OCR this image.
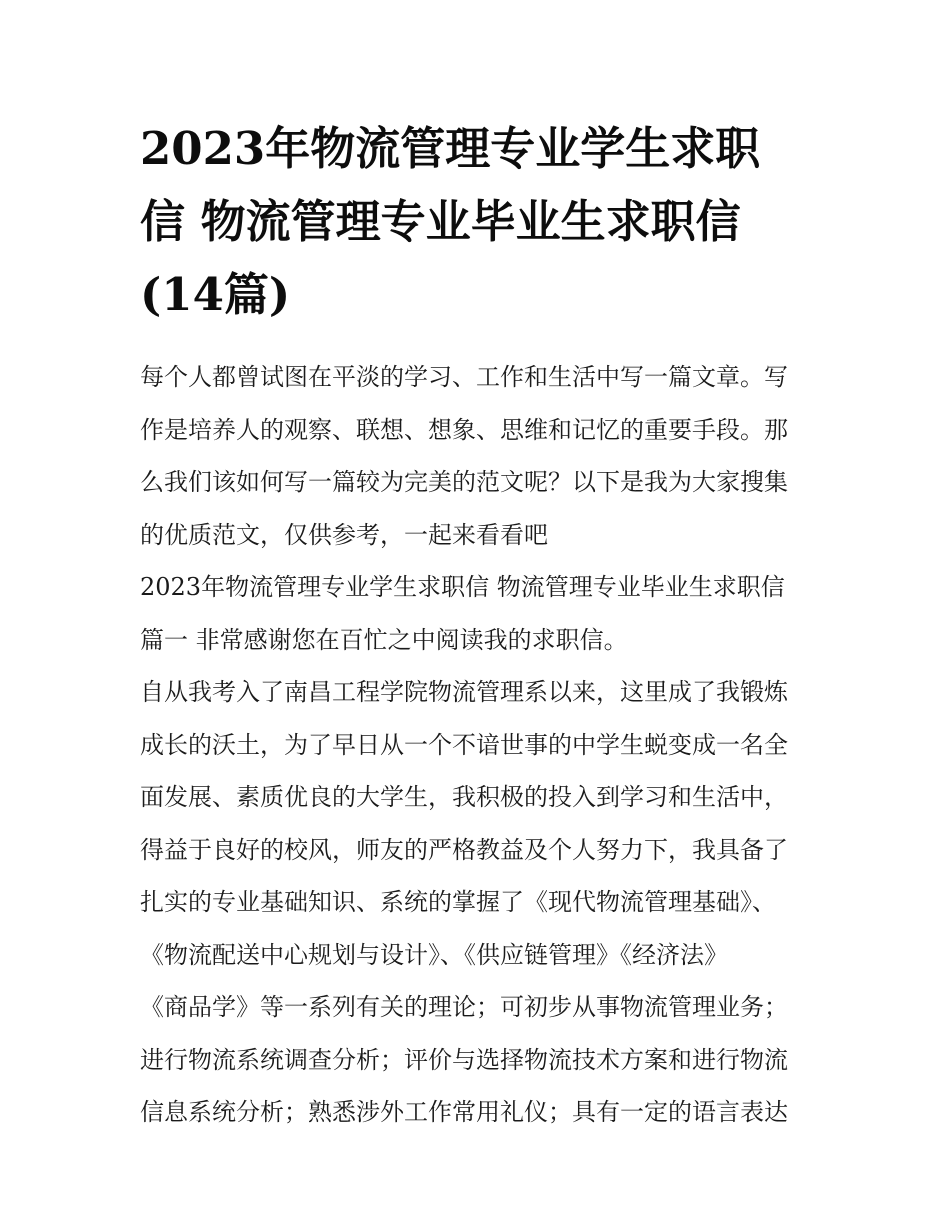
2023年物流管理专业学生求职
信 物流管理专业毕业生求职信
(14篇)
每个人都曾试图在平淡的学习、工作和生活中写一篇文章。写
作是培养人的观察、联想、想象、思维和记忆的重要手段。那
么我们该如何写一篇较为完美的范文呢？以下是我为大家搜集
的优质范文，仅供参考，一起来看看吧
2023年物流管理专业学生求职信 物流管理专业毕业生求职信
篇一 非常感谢您在百忙之中阅读我的求职信。
自从我考入了南昌工程学院物流管理系以来，这里成了我锻炼
成长的沃土，为了早日从一个不谙世事的中学生蜕变成一名全
面发展、素质优良的大学生，我积极的投入到学习和生活中，
得益于良好的校风，师友的严格教益及个人努力下，我具备了
扎实的专业基础知识、系统的掌握了《现代物流管理基础》、
《物流配送中心规划与设计》、《供应链管理》《经济法》
《商品学》等一系列有关的理论；可初步从事物流管理业务；
进行物流系统调查分析；评价与选择物流技术方案和进行物流
信息系统分析；熟悉涉外工作常用礼仪；具有一定的语言表达
